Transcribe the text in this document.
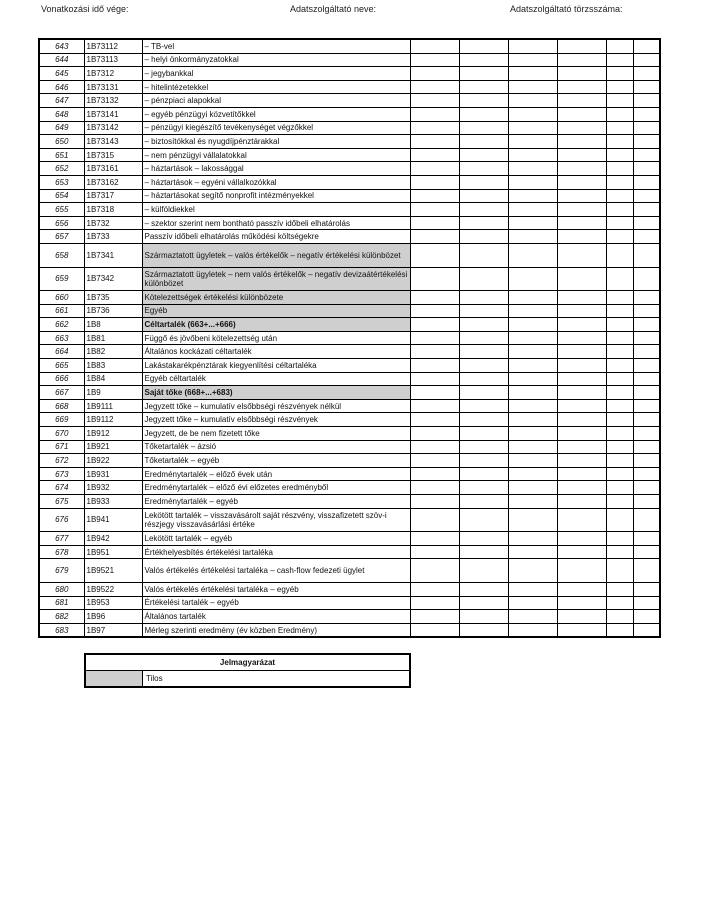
Vonatkozási idő vége:	Adatszolgáltató neve:	Adatszolgáltató törzsszáma:
643	1B73112	– TB-vel						
644	1B73113	– helyi önkormányzatokkal						
645	1B7312	– jegybankkal						
646	1B73131	– hitelintézetekkel						
647	1B73132	– pénzpiaci alapokkal						
648	1B73141	– egyéb pénzügyi közvetítőkkel						
649	1B73142	– pénzügyi kiegészítő tevékenységet végzőkkel						
650	1B73143	– biztosítókkal és nyugdíjpénztárakkal						
651	1B7315	– nem pénzügyi vállalatokkal						
652	1B73161	– háztartások – lakossággal						
653	1B73162	– háztartások – egyéni vállalkozókkal						
654	1B7317	– háztartásokat segítő nonprofit intézményekkel						
655	1B7318	– külföldiekkel						
656	1B732	– szektor szerint nem bontható passzív időbeli elhatárolás						
657	1B733	Passzív időbeli elhatárolás működési költségekre						
658	1B7341	Származtatott ügyletek – valós értékelők – negatív értékelési különbözet						
659	1B7342	Származtatott ügyletek – nem valós értékelők – negatív devizaátértékelési különbözet						
660	1B735	Kötelezettségek értékelési különbözete						
661	1B736	Egyéb						
662	1B8	Céltartalék (663+...+666)						
663	1B81	Függő és jövőbeni kötelezettség után						
664	1B82	Általános kockázati céltartalék						
665	1B83	Lakástakarékpénztárak kiegyenlítési céltartaléka						
666	1B84	Egyéb céltartalék						
667	1B9	Saját tőke (668+...+683)						
668	1B9111	Jegyzett tőke – kumulatív elsőbbségi részvények nélkül						
669	1B9112	Jegyzett tőke – kumulatív elsőbbségi részvények						
670	1B912	Jegyzett, de be nem fizetett tőke						
671	1B921	Tőketartalék – ázsió						
672	1B922	Tőketartalék – egyéb						
673	1B931	Eredménytartalék – előző évek után						
674	1B932	Eredménytartalék – előző évi előzetes eredményből						
675	1B933	Eredménytartalék – egyéb						
676	1B941	Lekötött tartalék – visszavásárolt saját részvény, visszafizetett szöv-i részjegy visszavásárlási értéke						
677	1B942	Lekötött tartalék – egyéb						
678	1B951	Értékhelyesbítés értékelési tartaléka						
679	1B9521	Valós értékelés értékelési tartaléka – cash-flow fedezeti ügylet						
680	1B9522	Valós értékelés értékelési tartaléka – egyéb						
681	1B953	Értékelési tartalék – egyéb						
682	1B96	Általános tartalék						
683	1B97	Mérleg szerinti eredmény (év közben Eredmény)						
Jelmagyarázat
Tilos
